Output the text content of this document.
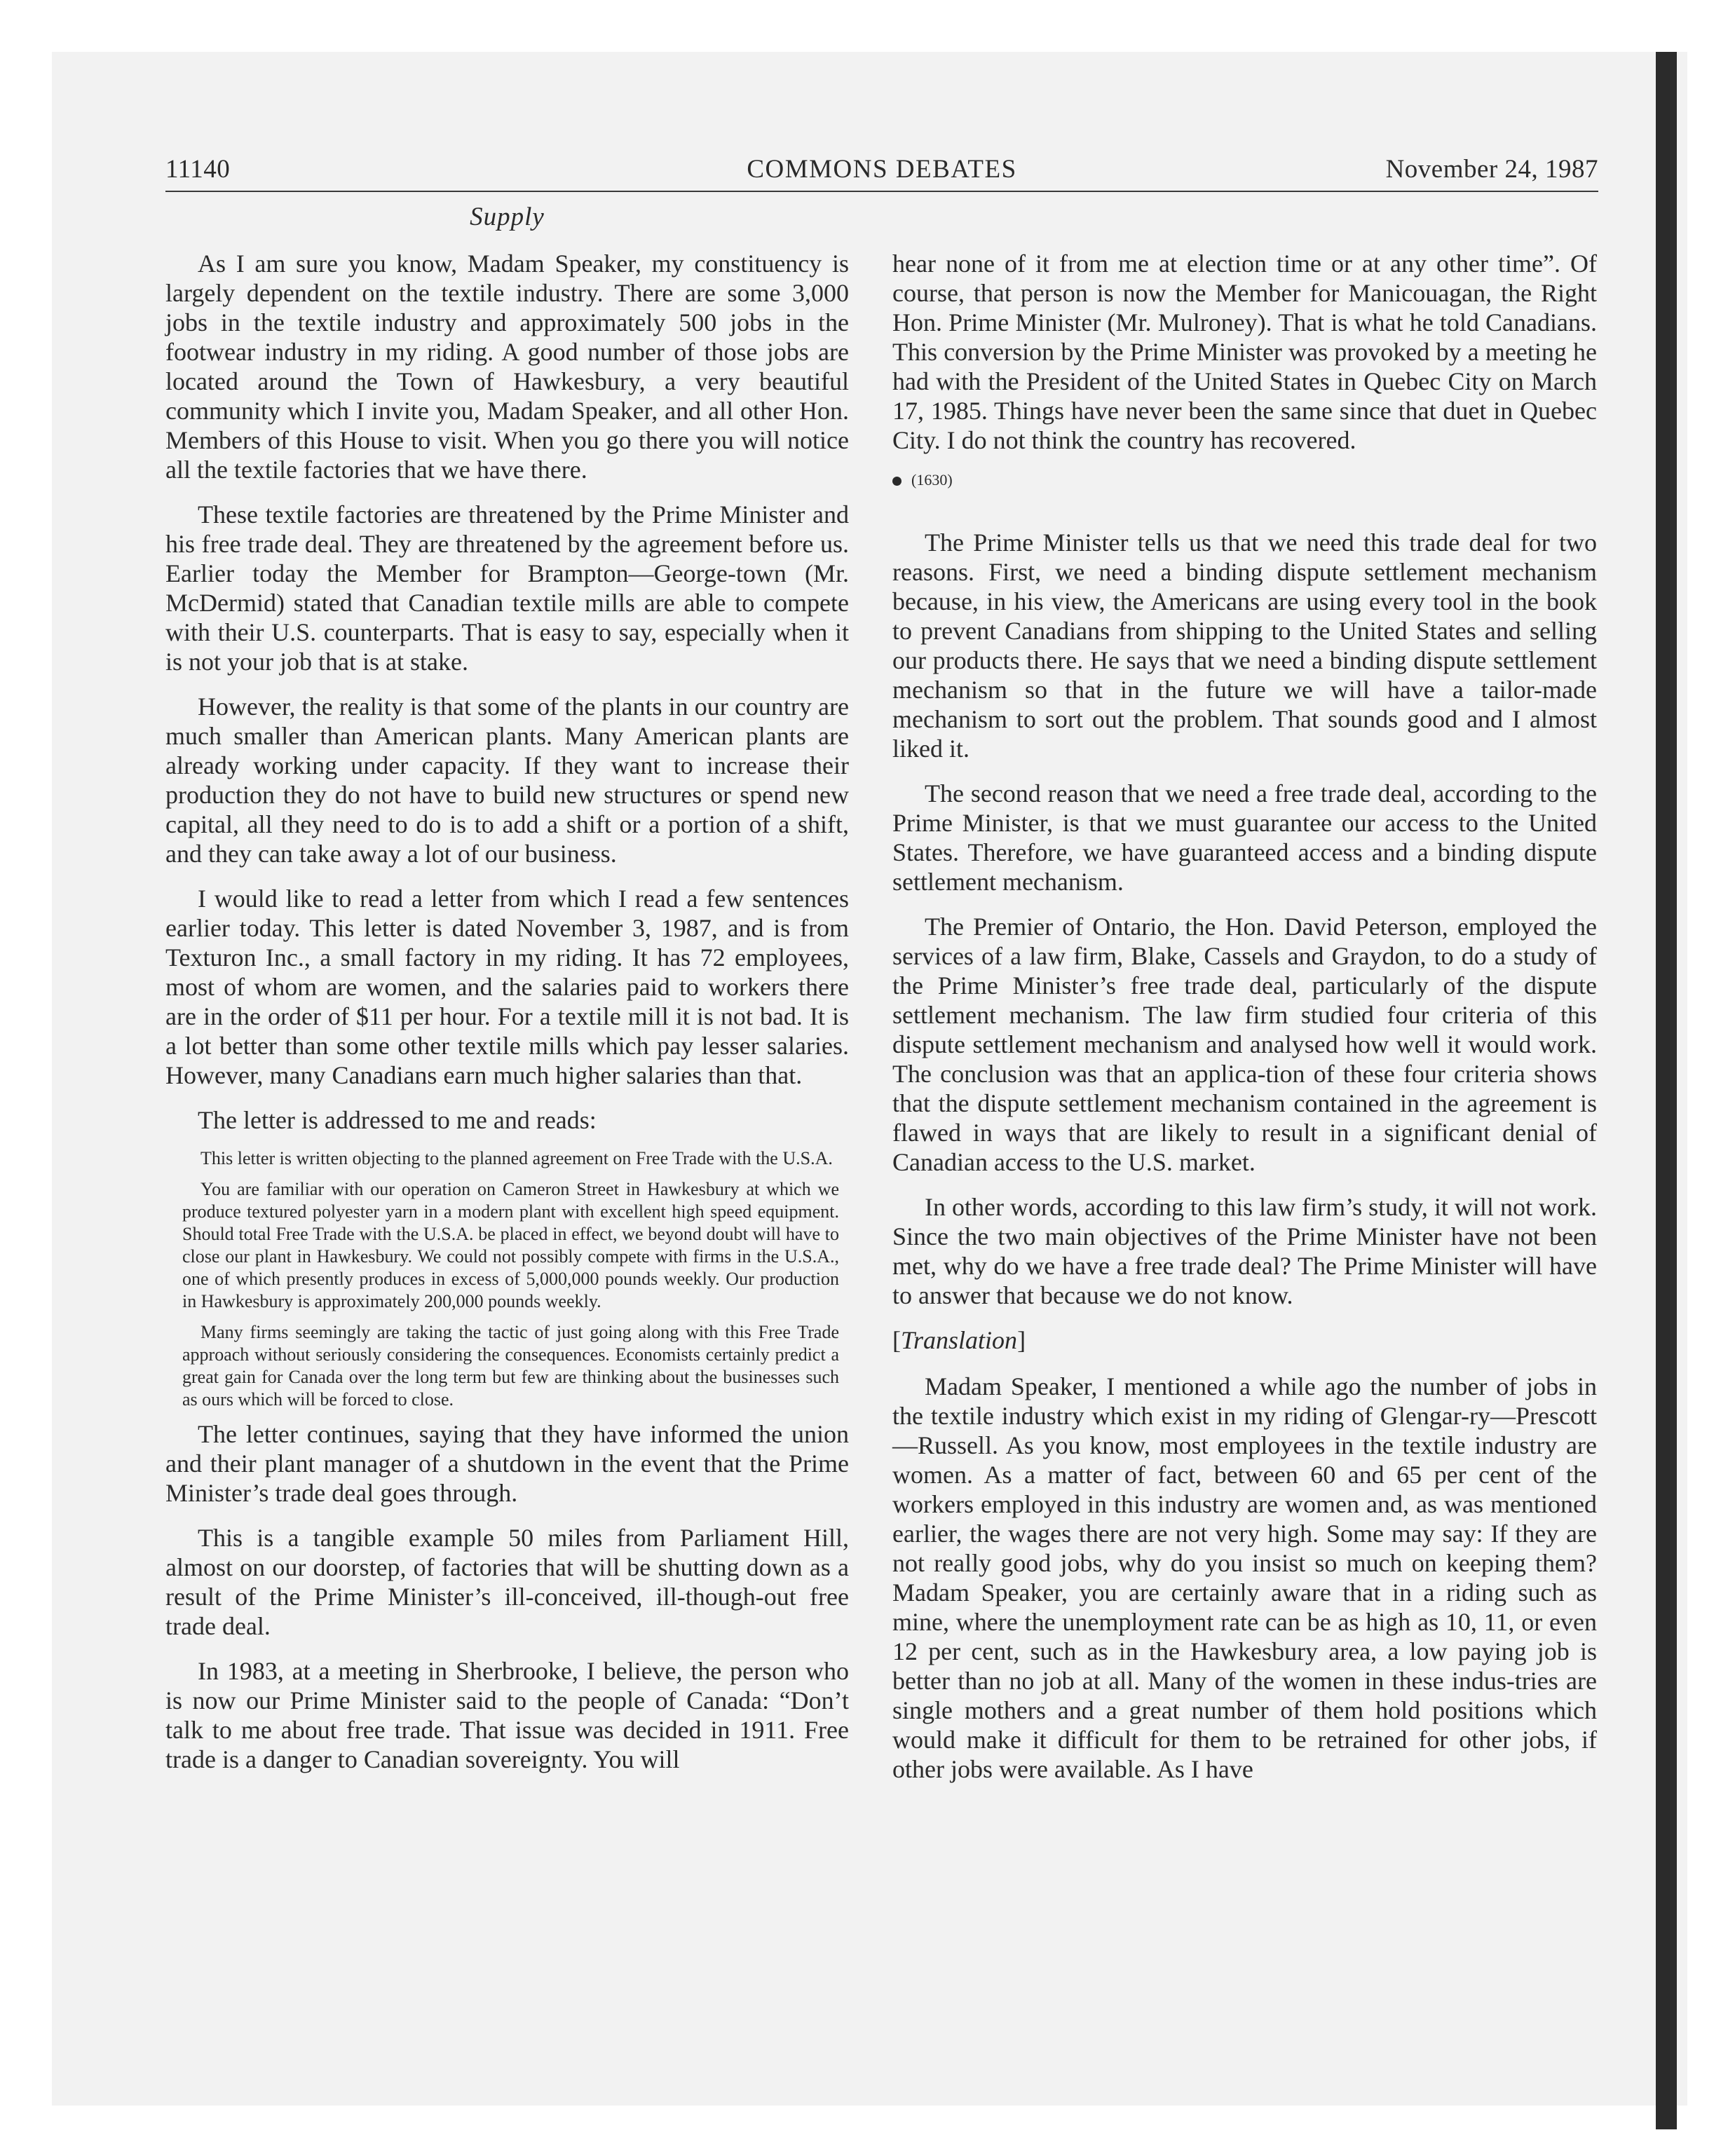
11140	COMMONS DEBATES	November 24, 1987
Supply

As I am sure you know, Madam Speaker, my constituency is largely dependent on the textile industry. There are some 3,000 jobs in the textile industry and approximately 500 jobs in the footwear industry in my riding. A good number of those jobs are located around the Town of Hawkesbury, a very beautiful community which I invite you, Madam Speaker, and all other Hon. Members of this House to visit. When you go there you will notice all the textile factories that we have there.

These textile factories are threatened by the Prime Minister and his free trade deal. They are threatened by the agreement before us. Earlier today the Member for Brampton—George-town (Mr. McDermid) stated that Canadian textile mills are able to compete with their U.S. counterparts. That is easy to say, especially when it is not your job that is at stake.

However, the reality is that some of the plants in our country are much smaller than American plants. Many American plants are already working under capacity. If they want to increase their production they do not have to build new structures or spend new capital, all they need to do is to add a shift or a portion of a shift, and they can take away a lot of our business.

I would like to read a letter from which I read a few sentences earlier today. This letter is dated November 3, 1987, and is from Texturon Inc., a small factory in my riding. It has 72 employees, most of whom are women, and the salaries paid to workers there are in the order of $11 per hour. For a textile mill it is not bad. It is a lot better than some other textile mills which pay lesser salaries. However, many Canadians earn much higher salaries than that.

The letter is addressed to me and reads:

This letter is written objecting to the planned agreement on Free Trade with the U.S.A.

You are familiar with our operation on Cameron Street in Hawkesbury at which we produce textured polyester yarn in a modern plant with excellent high speed equipment. Should total Free Trade with the U.S.A. be placed in effect, we beyond doubt will have to close our plant in Hawkesbury. We could not possibly compete with firms in the U.S.A., one of which presently produces in excess of 5,000,000 pounds weekly. Our production in Hawkesbury is approximately 200,000 pounds weekly.

Many firms seemingly are taking the tactic of just going along with this Free Trade approach without seriously considering the consequences. Economists certainly predict a great gain for Canada over the long term but few are thinking about the businesses such as ours which will be forced to close.

The letter continues, saying that they have informed the union and their plant manager of a shutdown in the event that the Prime Minister’s trade deal goes through.

This is a tangible example 50 miles from Parliament Hill, almost on our doorstep, of factories that will be shutting down as a result of the Prime Minister’s ill-conceived, ill-though-out free trade deal.

In 1983, at a meeting in Sherbrooke, I believe, the person who is now our Prime Minister said to the people of Canada: “Don’t talk to me about free trade. That issue was decided in 1911. Free trade is a danger to Canadian sovereignty. You will

hear none of it from me at election time or at any other time”. Of course, that person is now the Member for Manicouagan, the Right Hon. Prime Minister (Mr. Mulroney). That is what he told Canadians. This conversion by the Prime Minister was provoked by a meeting he had with the President of the United States in Quebec City on March 17, 1985. Things have never been the same since that duet in Quebec City. I do not think the country has recovered.

(1630)

The Prime Minister tells us that we need this trade deal for two reasons. First, we need a binding dispute settlement mechanism because, in his view, the Americans are using every tool in the book to prevent Canadians from shipping to the United States and selling our products there. He says that we need a binding dispute settlement mechanism so that in the future we will have a tailor-made mechanism to sort out the problem. That sounds good and I almost liked it.

The second reason that we need a free trade deal, according to the Prime Minister, is that we must guarantee our access to the United States. Therefore, we have guaranteed access and a binding dispute settlement mechanism.

The Premier of Ontario, the Hon. David Peterson, employed the services of a law firm, Blake, Cassels and Graydon, to do a study of the Prime Minister’s free trade deal, particularly of the dispute settlement mechanism. The law firm studied four criteria of this dispute settlement mechanism and analysed how well it would work. The conclusion was that an applica-tion of these four criteria shows that the dispute settlement mechanism contained in the agreement is flawed in ways that are likely to result in a significant denial of Canadian access to the U.S. market.

In other words, according to this law firm’s study, it will not work. Since the two main objectives of the Prime Minister have not been met, why do we have a free trade deal? The Prime Minister will have to answer that because we do not know.

[Translation]

Madam Speaker, I mentioned a while ago the number of jobs in the textile industry which exist in my riding of Glengar-ry—Prescott—Russell. As you know, most employees in the textile industry are women. As a matter of fact, between 60 and 65 per cent of the workers employed in this industry are women and, as was mentioned earlier, the wages there are not very high. Some may say: If they are not really good jobs, why do you insist so much on keeping them? Madam Speaker, you are certainly aware that in a riding such as mine, where the unemployment rate can be as high as 10, 11, or even 12 per cent, such as in the Hawkesbury area, a low paying job is better than no job at all. Many of the women in these indus-tries are single mothers and a great number of them hold positions which would make it difficult for them to be retrained for other jobs, if other jobs were available. As I have
